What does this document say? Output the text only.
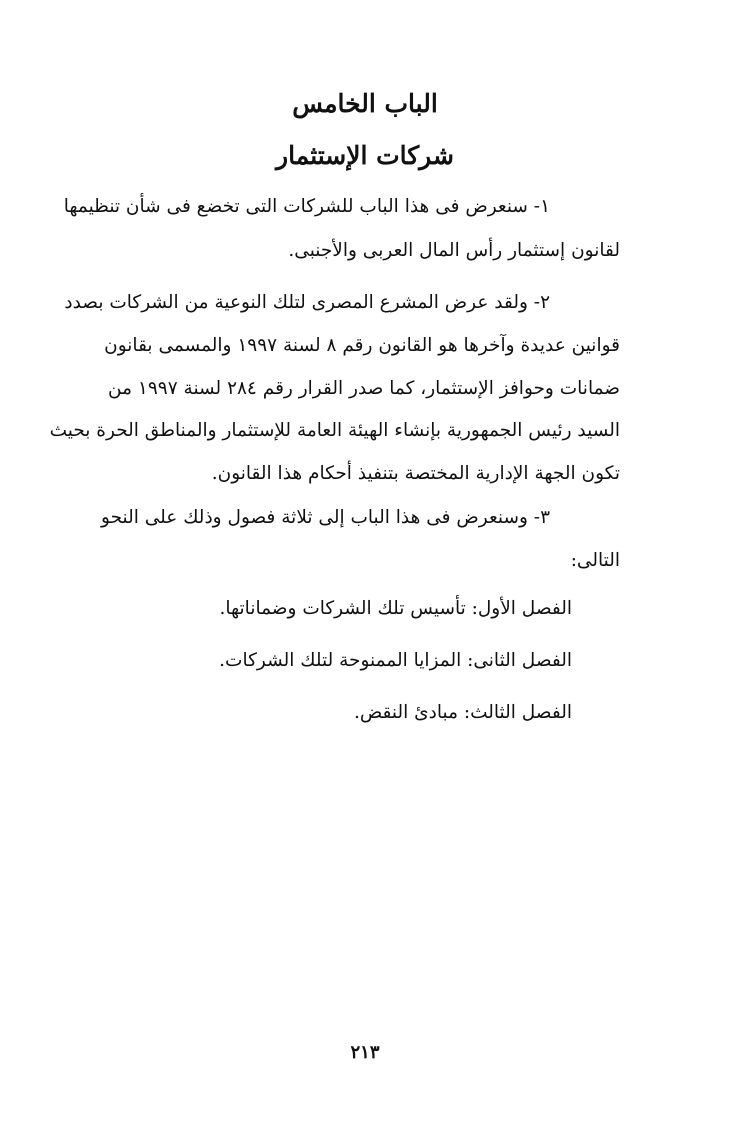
الباب الخامس
شركات الإستثمار
١- سنعرض فى هذا الباب للشركات التى تخضع فى شأن تنظيمها
لقانون إستثمار رأس المال العربى والأجنبى.
٢- ولقد عرض المشرع المصرى لتلك النوعية من الشركات بصدد
قوانين عديدة وآخرها هو القانون رقم ٨ لسنة ١٩٩٧ والمسمى بقانون
ضمانات وحوافز الإستثمار، كما صدر القرار رقم ٢٨٤ لسنة ١٩٩٧ من
السيد رئيس الجمهورية بإنشاء الهيئة العامة للإستثمار والمناطق الحرة بحيث
تكون الجهة الإدارية المختصة بتنفيذ أحكام هذا القانون.
٣- وسنعرض فى هذا الباب إلى ثلاثة فصول وذلك على النحو
التالى:
الفصل الأول: تأسيس تلك الشركات وضماناتها.
الفصل الثانى: المزايا الممنوحة لتلك الشركات.
الفصل الثالث: مبادئ النقض.
٢١٣
